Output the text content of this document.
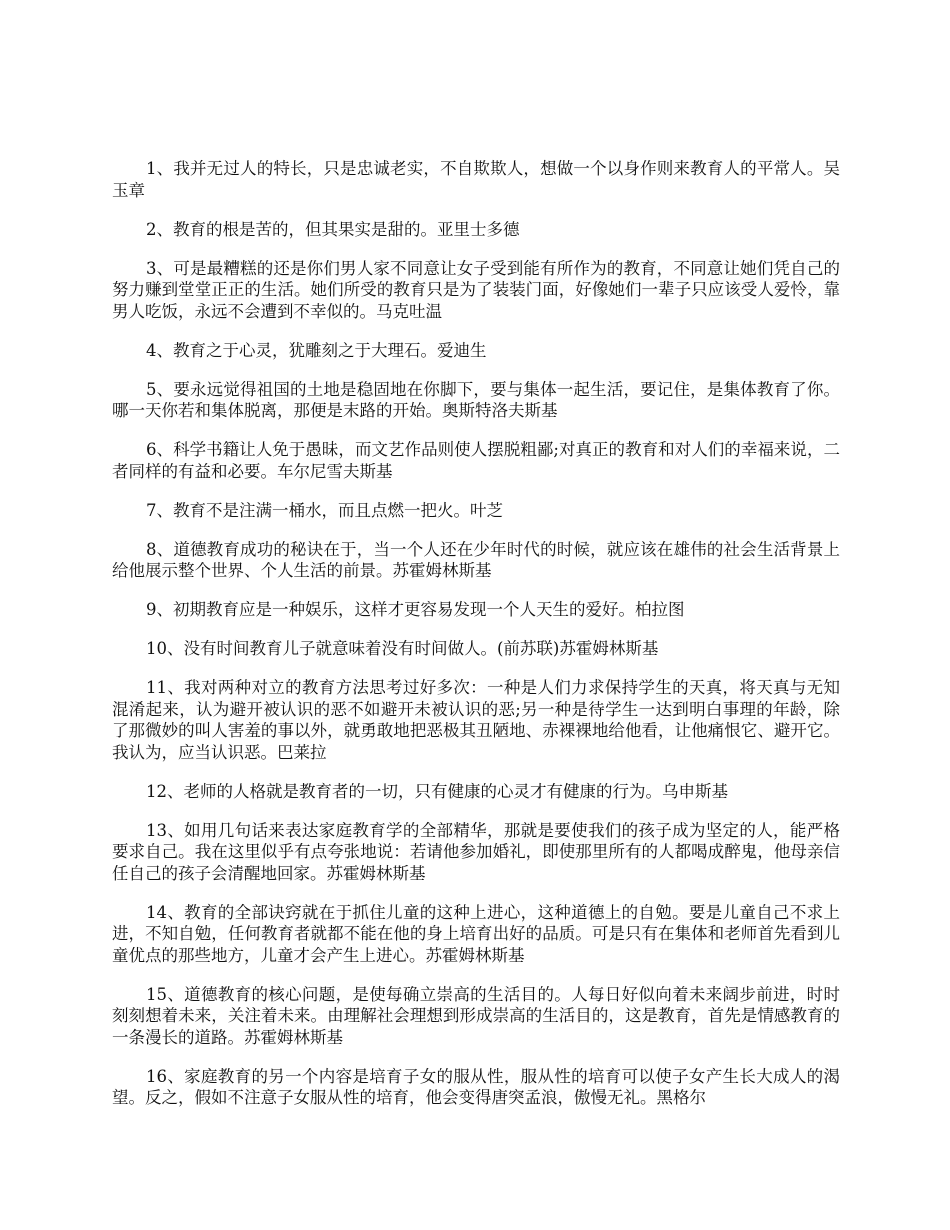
1、我并无过人的特长，只是忠诚老实，不自欺欺人，想做一个以身作则来教育人的平常人。吴玉章

2、教育的根是苦的，但其果实是甜的。亚里士多德

3、可是最糟糕的还是你们男人家不同意让女子受到能有所作为的教育，不同意让她们凭自己的努力赚到堂堂正正的生活。她们所受的教育只是为了装装门面，好像她们一辈子只应该受人爱怜，靠男人吃饭，永远不会遭到不幸似的。马克吐温

4、教育之于心灵，犹雕刻之于大理石。爱迪生

5、要永远觉得祖国的土地是稳固地在你脚下，要与集体一起生活，要记住，是集体教育了你。哪一天你若和集体脱离，那便是末路的开始。奥斯特洛夫斯基

6、科学书籍让人免于愚昧，而文艺作品则使人摆脱粗鄙;对真正的教育和对人们的幸福来说，二者同样的有益和必要。车尔尼雪夫斯基

7、教育不是注满一桶水，而且点燃一把火。叶芝

8、道德教育成功的秘诀在于，当一个人还在少年时代的时候，就应该在雄伟的社会生活背景上给他展示整个世界、个人生活的前景。苏霍姆林斯基

9、初期教育应是一种娱乐，这样才更容易发现一个人天生的爱好。柏拉图

10、没有时间教育儿子就意味着没有时间做人。(前苏联)苏霍姆林斯基

11、我对两种对立的教育方法思考过好多次：一种是人们力求保持学生的天真，将天真与无知混淆起来，认为避开被认识的恶不如避开未被认识的恶;另一种是待学生一达到明白事理的年龄，除了那微妙的叫人害羞的事以外，就勇敢地把恶极其丑陋地、赤裸裸地给他看，让他痛恨它、避开它。我认为，应当认识恶。巴莱拉

12、老师的人格就是教育者的一切，只有健康的心灵才有健康的行为。乌申斯基

13、如用几句话来表达家庭教育学的全部精华，那就是要使我们的孩子成为坚定的人，能严格要求自己。我在这里似乎有点夸张地说：若请他参加婚礼，即使那里所有的人都喝成醉鬼，他母亲信任自己的孩子会清醒地回家。苏霍姆林斯基

14、教育的全部诀窍就在于抓住儿童的这种上进心，这种道德上的自勉。要是儿童自己不求上进，不知自勉，任何教育者就都不能在他的身上培育出好的品质。可是只有在集体和老师首先看到儿童优点的那些地方，儿童才会产生上进心。苏霍姆林斯基

15、道德教育的核心问题，是使每确立崇高的生活目的。人每日好似向着未来阔步前进，时时刻刻想着未来，关注着未来。由理解社会理想到形成崇高的生活目的，这是教育，首先是情感教育的一条漫长的道路。苏霍姆林斯基

16、家庭教育的另一个内容是培育子女的服从性，服从性的培育可以使子女产生长大成人的渴望。反之，假如不注意子女服从性的培育，他会变得唐突孟浪，傲慢无礼。黑格尔
